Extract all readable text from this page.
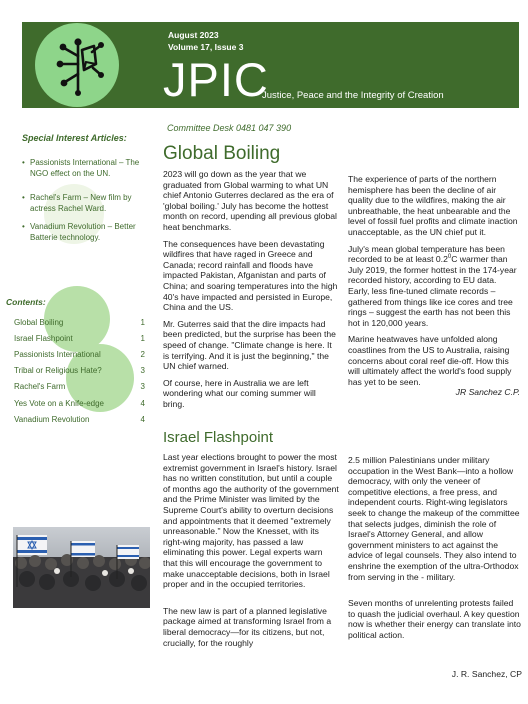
August 2023
Volume 17, Issue 3
JPIC
Justice, Peace and the Integrity of Creation
Committee Desk 0481 047 390
Special Interest Articles:
• Passionists International – The NGO effect on the UN.
• Rachel's Farm – New film by actress Rachel Ward.
• Vanadium Revolution – Better Batterie technology.
Contents:
Global Boiling	1
Israel Flashpoint	1
Passionists International	2
Tribal or Religious Hate?	3
Rachel's Farm	3
Yes Vote on a Knife-edge	4
Vanadium Revolution	4
Global Boiling

2023 will go down as the year that we graduated from Global warming to what UN chief Antonio Guterres declared as the era of 'global boiling.' July has become the hottest month on record, upending all previous global heat benchmarks.

The consequences have been devastating wildfires that have raged in Greece and Canada; record rainfall and floods have impacted Pakistan, Afganistan and parts of China; and soaring temperatures into the high 40's have impacted and persisted in Europe, China and the US.

Mr. Guterres said that the dire impacts had been predicted, but the surprise has been the speed of change. "Climate change is here. It is terrifying. And it is just the beginning," the UN chief warned.

Of course, here in Australia we are left wondering what our coming summer will bring.

The experience of parts of the northern hemisphere has been the decline of air quality due to the wildfires, making the air unbreathable, the heat unbearable and the level of fossil fuel profits and climate inaction unacceptable, as the UN chief put it.

July's mean global temperature has been recorded to be at least $0.2^0C$ warmer than July 2019, the former hottest in the 174-year recorded history, according to EU data. Early, less fine-tuned climate records – gathered from things like ice cores and tree rings – suggest the earth has not been this hot in 120,000 years.

Marine heatwaves have unfolded along coastlines from the US to Australia, raising concerns about coral reef die-off. How this will ultimately affect the world's food supply has yet to be seen.

JR Sanchez C.P.
Israel Flashpoint

Last year elections brought to power the most extremist government in Israel's history. Israel has no written constitution, but until a couple of months ago the authority of the government and the Prime Minister was limited by the Supreme Court's ability to overturn decisions and appointments that it deemed "extremely unreasonable." Now the Knesset, with its right-wing majority, has passed a law eliminating this power. Legal experts warn that this will encourage the government to make unacceptable decisions, both in Israel proper and in the occupied territories.

The new law is part of a planned legislative package aimed at transforming Israel from a liberal democracy—for its citizens, but not, crucially, for the roughly

2.5 million Palestinians under military occupation in the West Bank—into a hollow democracy, with only the veneer of competitive elections, a free press, and independent courts. Right-wing legislators seek to change the makeup of the committee that selects judges, diminish the role of Israel's Attorney General, and allow government ministers to act against the advice of legal counsels. They also intend to enshrine the exemption of the ultra-Orthodox from serving in the - military.

Seven months of unrelenting protests failed to quash the judicial overhaul. A key question now is whether their energy can translate into political action.

J. R. Sanchez, CP
